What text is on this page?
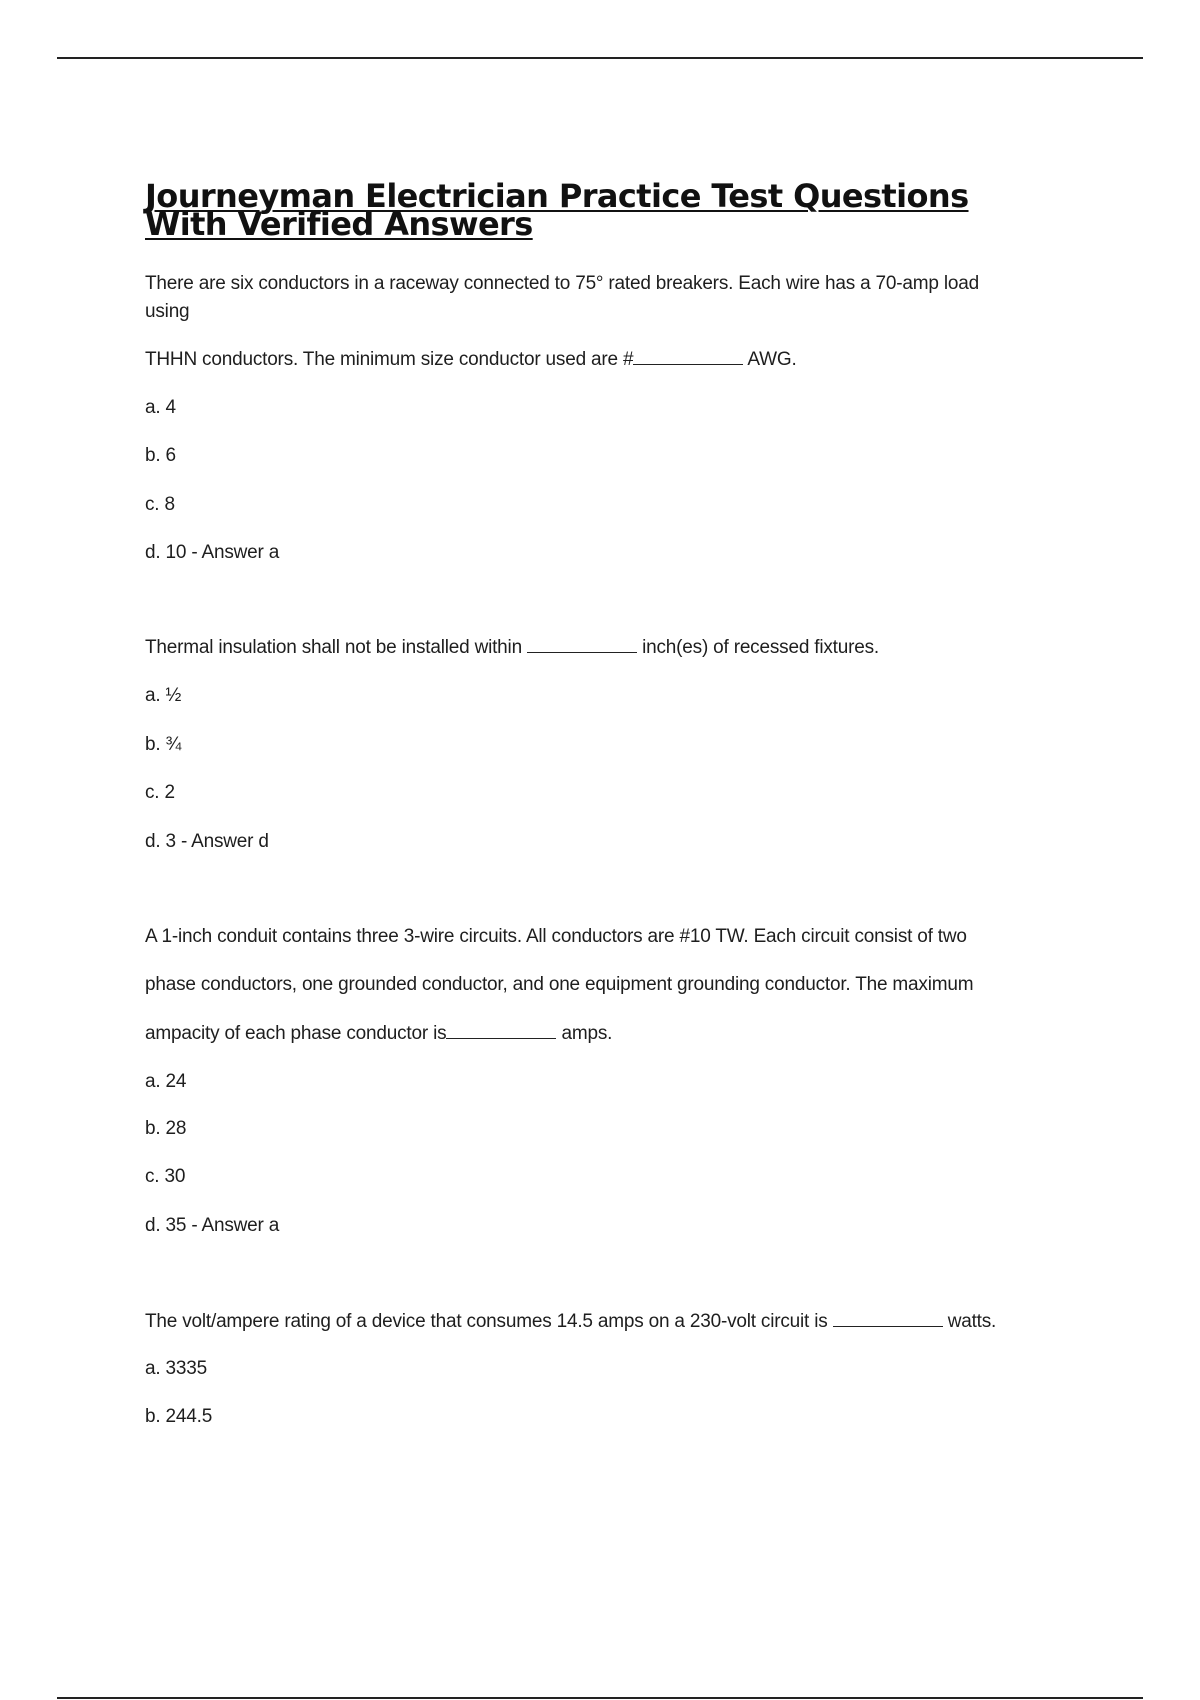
Journeyman Electrician Practice Test Questions With Verified Answers

There are six conductors in a raceway connected to 75° rated breakers. Each wire has a 70-amp load

using

THHN conductors. The minimum size conductor used are #	AWG.

a. 4

b. 6

c. 8

d. 10 - Answer a

Thermal insulation shall not be installed within	inch(es) of recessed fixtures.

a. ½

b. ¾

c. 2

d. 3 - Answer d

A 1-inch conduit contains three 3-wire circuits. All conductors are #10 TW. Each circuit consist of two

phase conductors, one grounded conductor, and one equipment grounding conductor. The maximum

ampacity of each phase conductor is	amps.

a. 24

b. 28

c. 30

d. 35 - Answer a

The volt/ampere rating of a device that consumes 14.5 amps on a 230-volt circuit is	watts.

a. 3335

b. 244.5
